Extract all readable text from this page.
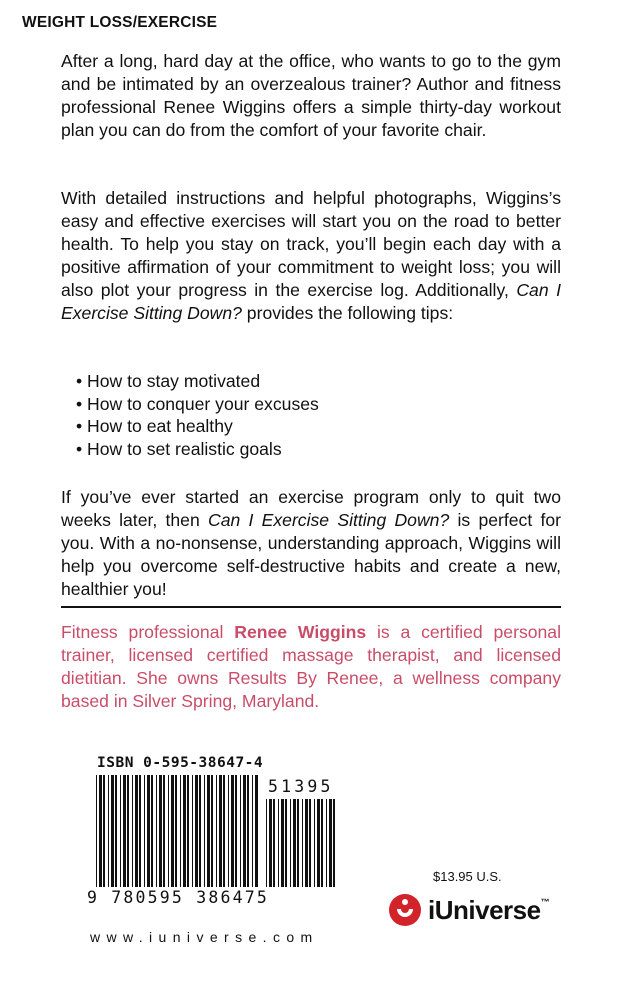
WEIGHT LOSS/EXERCISE
After a long, hard day at the office, who wants to go to the gym and be intimated by an overzealous trainer? Author and fitness professional Renee Wiggins offers a simple thirty-day workout plan you can do from the comfort of your favorite chair.
With detailed instructions and helpful photographs, Wiggins’s easy and effective exercises will start you on the road to better health. To help you stay on track, you’ll begin each day with a positive affirmation of your commitment to weight loss; you will also plot your progress in the exercise log. Additionally, Can I Exercise Sitting Down? provides the following tips:
• How to stay motivated
• How to conquer your excuses
• How to eat healthy
• How to set realistic goals
If you’ve ever started an exercise program only to quit two weeks later, then Can I Exercise Sitting Down? is perfect for you. With a no-nonsense, understanding approach, Wiggins will help you overcome self-destructive habits and create a new, healthier you!
Fitness professional Renee Wiggins is a certified personal trainer, licensed certified massage therapist, and licensed dietitian. She owns Results By Renee, a wellness company based in Silver Spring, Maryland.
ISBN 0-595-38647-4
9 780595 386475
51395
$13.95 U.S.
iUniverse™
www.iuniverse.com
